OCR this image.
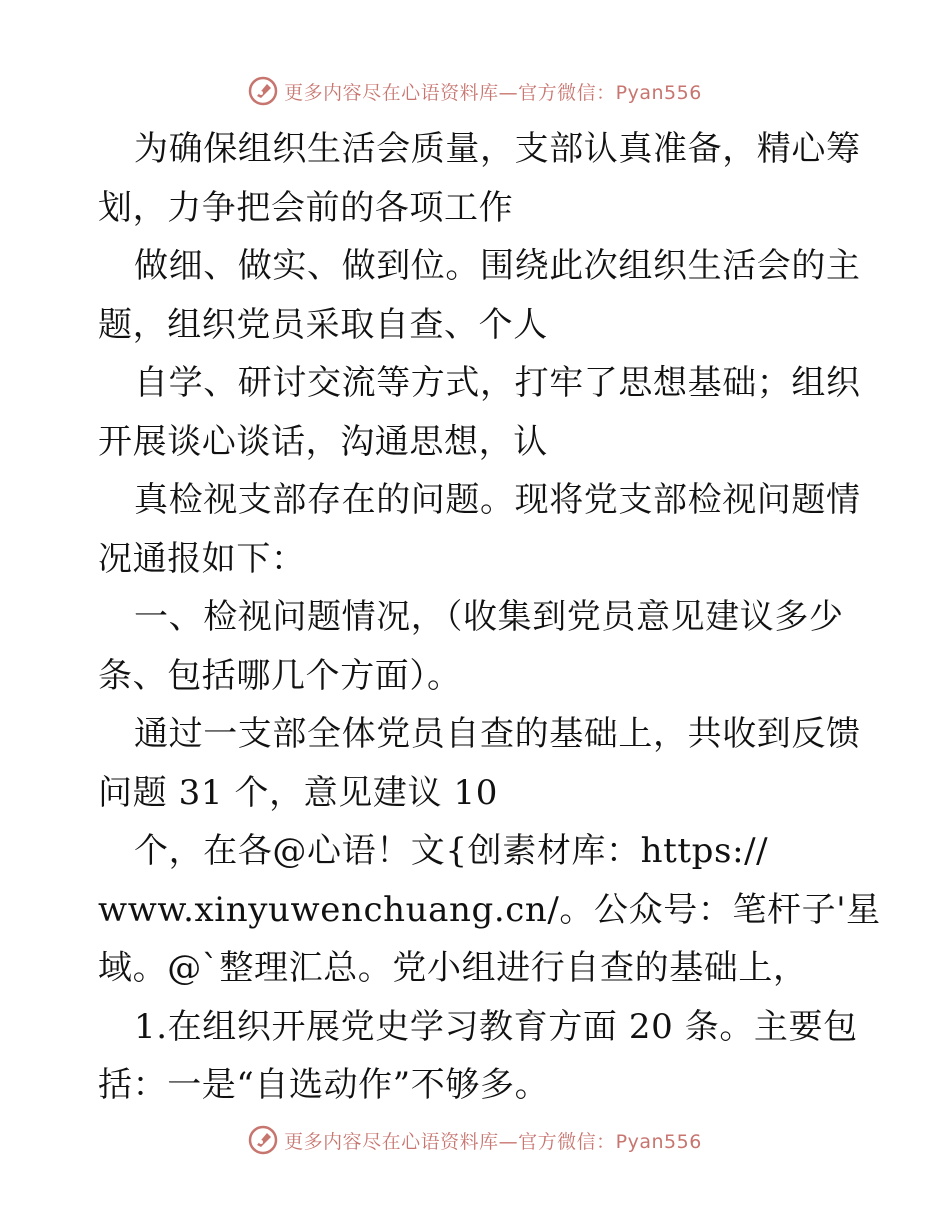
更多内容尽在心语资料库—官方微信：Pyan556
为确保组织生活会质量，支部认真准备，精心筹
划，力争把会前的各项工作
做细、做实、做到位。围绕此次组织生活会的主
题，组织党员采取自查、个人
自学、研讨交流等方式，打牢了思想基础；组织
开展谈心谈话，沟通思想，认
真检视支部存在的问题。现将党支部检视问题情
况通报如下：
一、检视问题情况，（收集到党员意见建议多少
条、包括哪几个方面）。
通过一支部全体党员自查的基础上，共收到反馈
问题 31 个，意见建议 10
个，在各@心语！文{创素材库：https://
www.xinyuwenchuang.cn/。公众号：笔杆子'星
域。@`整理汇总。党小组进行自查的基础上，
1.在组织开展党史学习教育方面 20 条。主要包
括：一是“自选动作”不够多。
更多内容尽在心语资料库—官方微信：Pyan556
